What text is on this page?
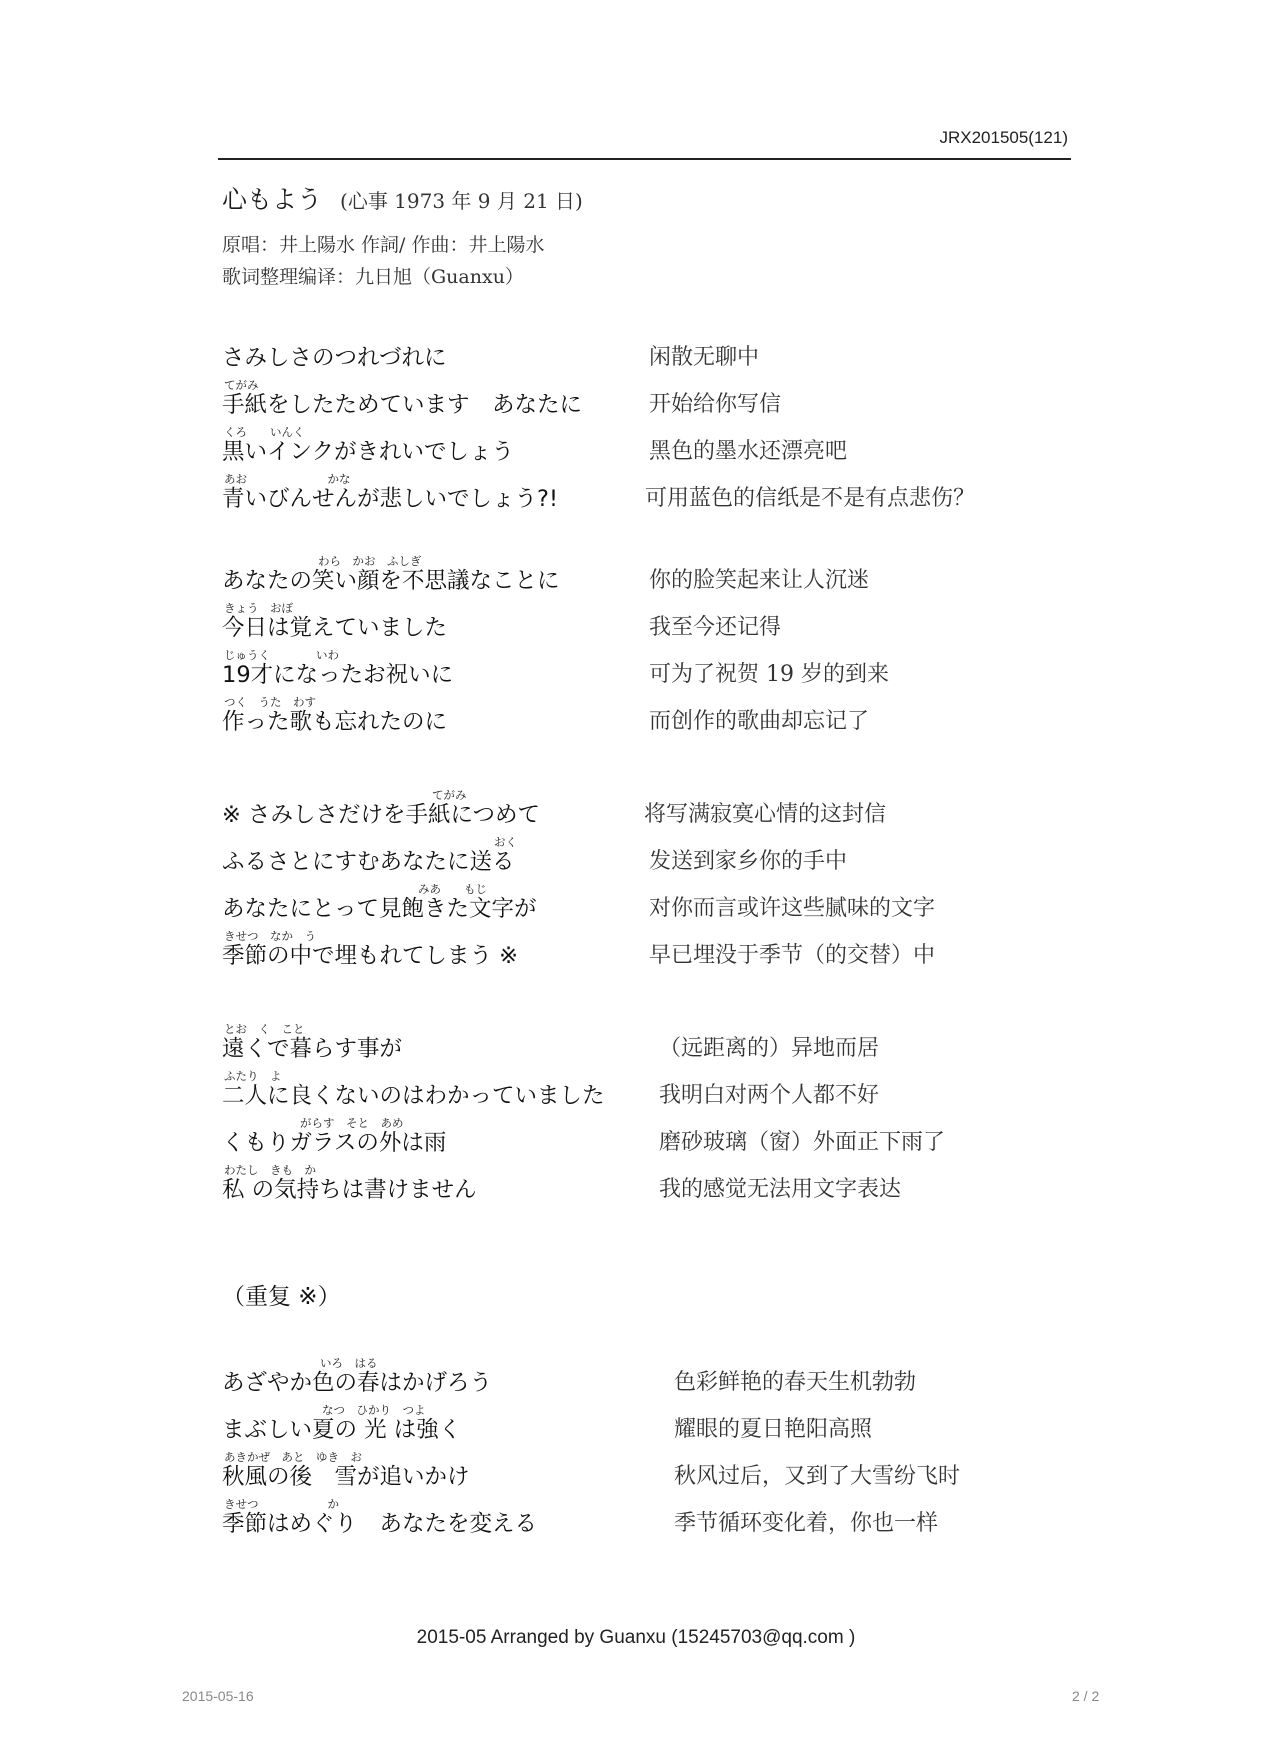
JRX201505(121)
心もよう (心事 1973 年 9 月 21 日)
原唱：井上陽水 作詞/ 作曲：井上陽水
歌词整理编译：九日旭（Guanxu）
さみしさのつれづれに	闲散无聊中
てがみ
手紙をしたためています　あなたに	开始给你写信
くろ　　いんく
黒いインクがきれいでしょう	黑色的墨水还漂亮吧
あお　　　　　　　かな
青いびんせんが悲しいでしょう?!	可用蓝色的信纸是不是有点悲伤？
わら　かお　ふしぎ
あなたの笑い顔を不思議なことに	你的脸笑起来让人沉迷
きょう　おぼ
今日は覚えていました	我至今还记得
じゅうく　　　　いわ
19才になったお祝いに	可为了祝贺 19 岁的到来
つく　うた　わす
作った歌も忘れたのに	而创作的歌曲却忘记了
てがみ
※ さみしさだけを手紙につめて	将写满寂寞心情的这封信
おく
ふるさとにすむあなたに送る	发送到家乡你的手中
みあ　　もじ
あなたにとって見飽きた文字が	对你而言或许这些腻味的文字
きせつ　なか　う
季節の中で埋もれてしまう ※	早已埋没于季节（的交替）中
とお　く　こと
遠くで暮らす事が	（远距离的）异地而居
ふたり　よ
二人に良くないのはわかっていました 我明白对两个人都不好
がらす　そと　あめ
くもりガラスの外は雨	磨砂玻璃（窗）外面正下雨了
わたし　きも　か
私 の気持ちは書けません	我的感觉无法用文字表达
（重复 ※）
いろ　はる
あざやか色の春はかげろう	色彩鲜艳的春天生机勃勃
なつ　ひかり　つよ
まぶしい夏の 光 は強く	耀眼的夏日艳阳高照
あきかぜ　あと　ゆき　お
秋風の後　雪が追いかけ	秋风过后，又到了大雪纷飞时
きせつ　　　　　　か
季節はめぐり　あなたを変える	季节循环变化着，你也一样
2015-05 Arranged by Guanxu (15245703@qq.com )
2015-05-16	2 / 2
